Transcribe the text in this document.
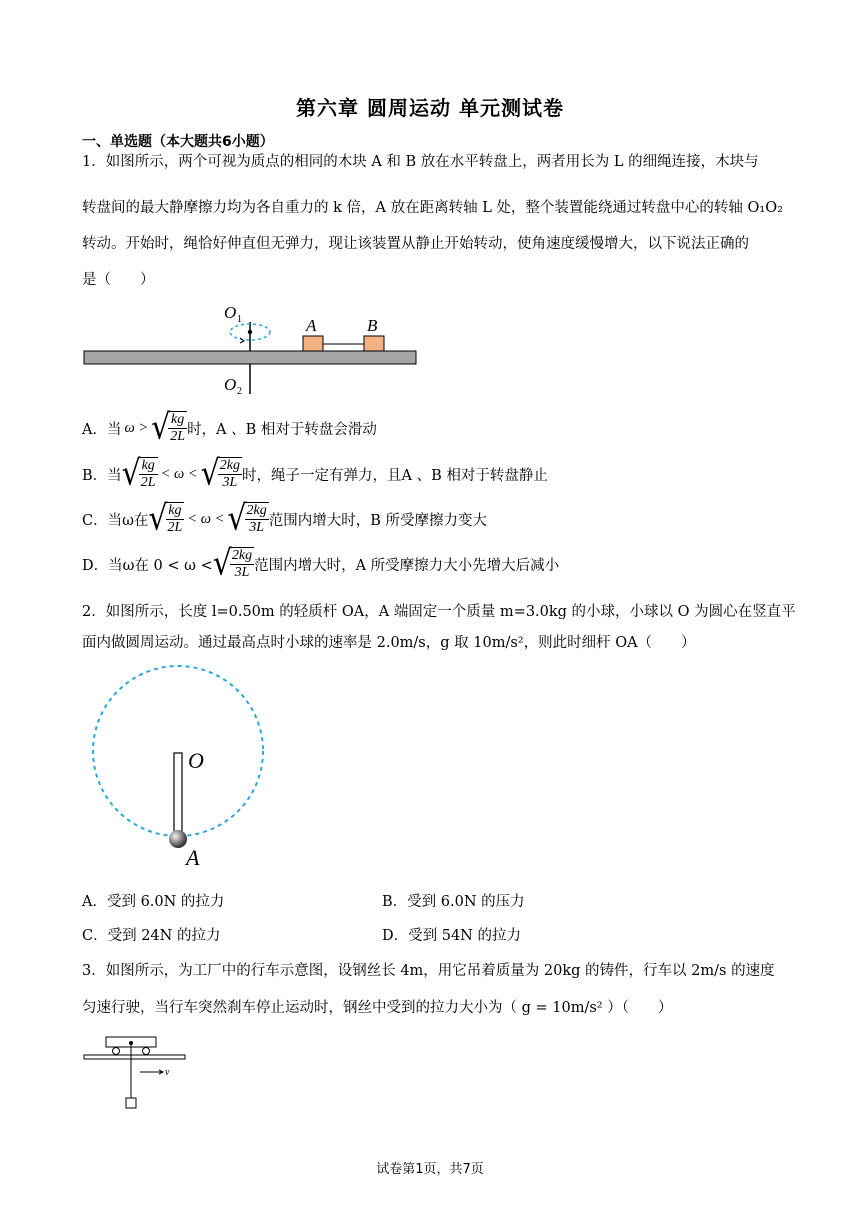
第六章 圆周运动 单元测试卷
一、单选题（本大题共6小题）
1．如图所示，两个可视为质点的相同的木块 A 和 B 放在水平转盘上，两者用长为 L 的细绳连接，木块与
转盘间的最大静摩擦力均为各自重力的 k 倍，A 放在距离转轴 L 处，整个装置能绕通过转盘中心的转轴 O₁O₂
转动。开始时，绳恰好伸直但无弹力，现让该装置从静止开始转动，使角速度缓慢增大，以下说法正确的
是（　　）
O 1
O 2
A	B
A．当 ω > √
$\frac{kg}{2L}$ 时，A 、B 相对于转盘会滑动
B．当 √
$\frac{kg}{2L} < \omega$ < √
$\frac{2kg}{3L}$ 时，绳子一定有弹力，且A 、B 相对于转盘静止
C．当ω在 √
$\frac{kg}{2L} < \omega$ < √
$\frac{2kg}{3L}$ 范围内增大时，B 所受摩擦力变大
D．当ω在 0 < ω < √
$\frac{2kg}{3L}$ 范围内增大时，A 所受摩擦力大小先增大后减小
2．如图所示，长度 l=0.50m 的轻质杆 OA，A 端固定一个质量 m=3.0kg 的小球，小球以 O 为圆心在竖直平
面内做圆周运动。通过最高点时小球的速率是 2.0m/s，g 取 10m/s²，则此时细杆 OA（　　）
O
A
A．受到 6.0N 的拉力	B．受到 6.0N 的压力
C．受到 24N 的拉力	D．受到 54N 的拉力
3．如图所示，为工厂中的行车示意图，设钢丝长 4m，用它吊着质量为 20kg 的铸件，行车以 2m/s 的速度
匀速行驶，当行车突然刹车停止运动时，钢丝中受到的拉力大小为（ g = 10m/s² ）（　　）
v
试卷第1页，共7页
